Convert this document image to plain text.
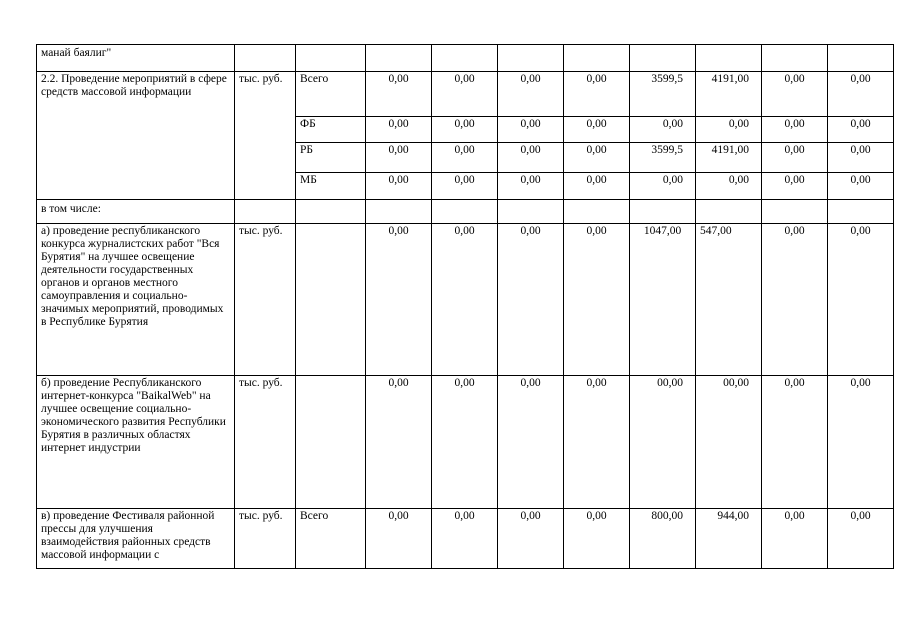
манай баялиг"										
2.2. Проведение мероприятий в сфере средств массовой информации	тыс. руб.	Всего	0,00	0,00	0,00	0,00	3599,5	4191,00	0,00	0,00
		ФБ	0,00	0,00	0,00	0,00	0,00	0,00	0,00	0,00
		РБ	0,00	0,00	0,00	0,00	3599,5	4191,00	0,00	0,00
		МБ	0,00	0,00	0,00	0,00	0,00	0,00	0,00	0,00
в том числе:										
а) проведение республиканского конкурса журналистских работ "Вся Бурятия" на лучшее освещение деятельности государственных органов и органов местного самоуправления и социально-значимых мероприятий, проводимых в Республике Бурятия	тыс. руб.		0,00	0,00	0,00	0,00	1047,00	547,00	0,00	0,00
б) проведение Республиканского интернет-конкурса "BaikalWeb" на лучшее освещение социально-экономического развития Республики Бурятия в различных областях интернет индустрии	тыс. руб.		0,00	0,00	0,00	0,00	00,00	00,00	0,00	0,00
в) проведение Фестиваля районной прессы для улучшения взаимодействия районных средств массовой информации с	тыс. руб.	Всего	0,00	0,00	0,00	0,00	800,00	944,00	0,00	0,00
